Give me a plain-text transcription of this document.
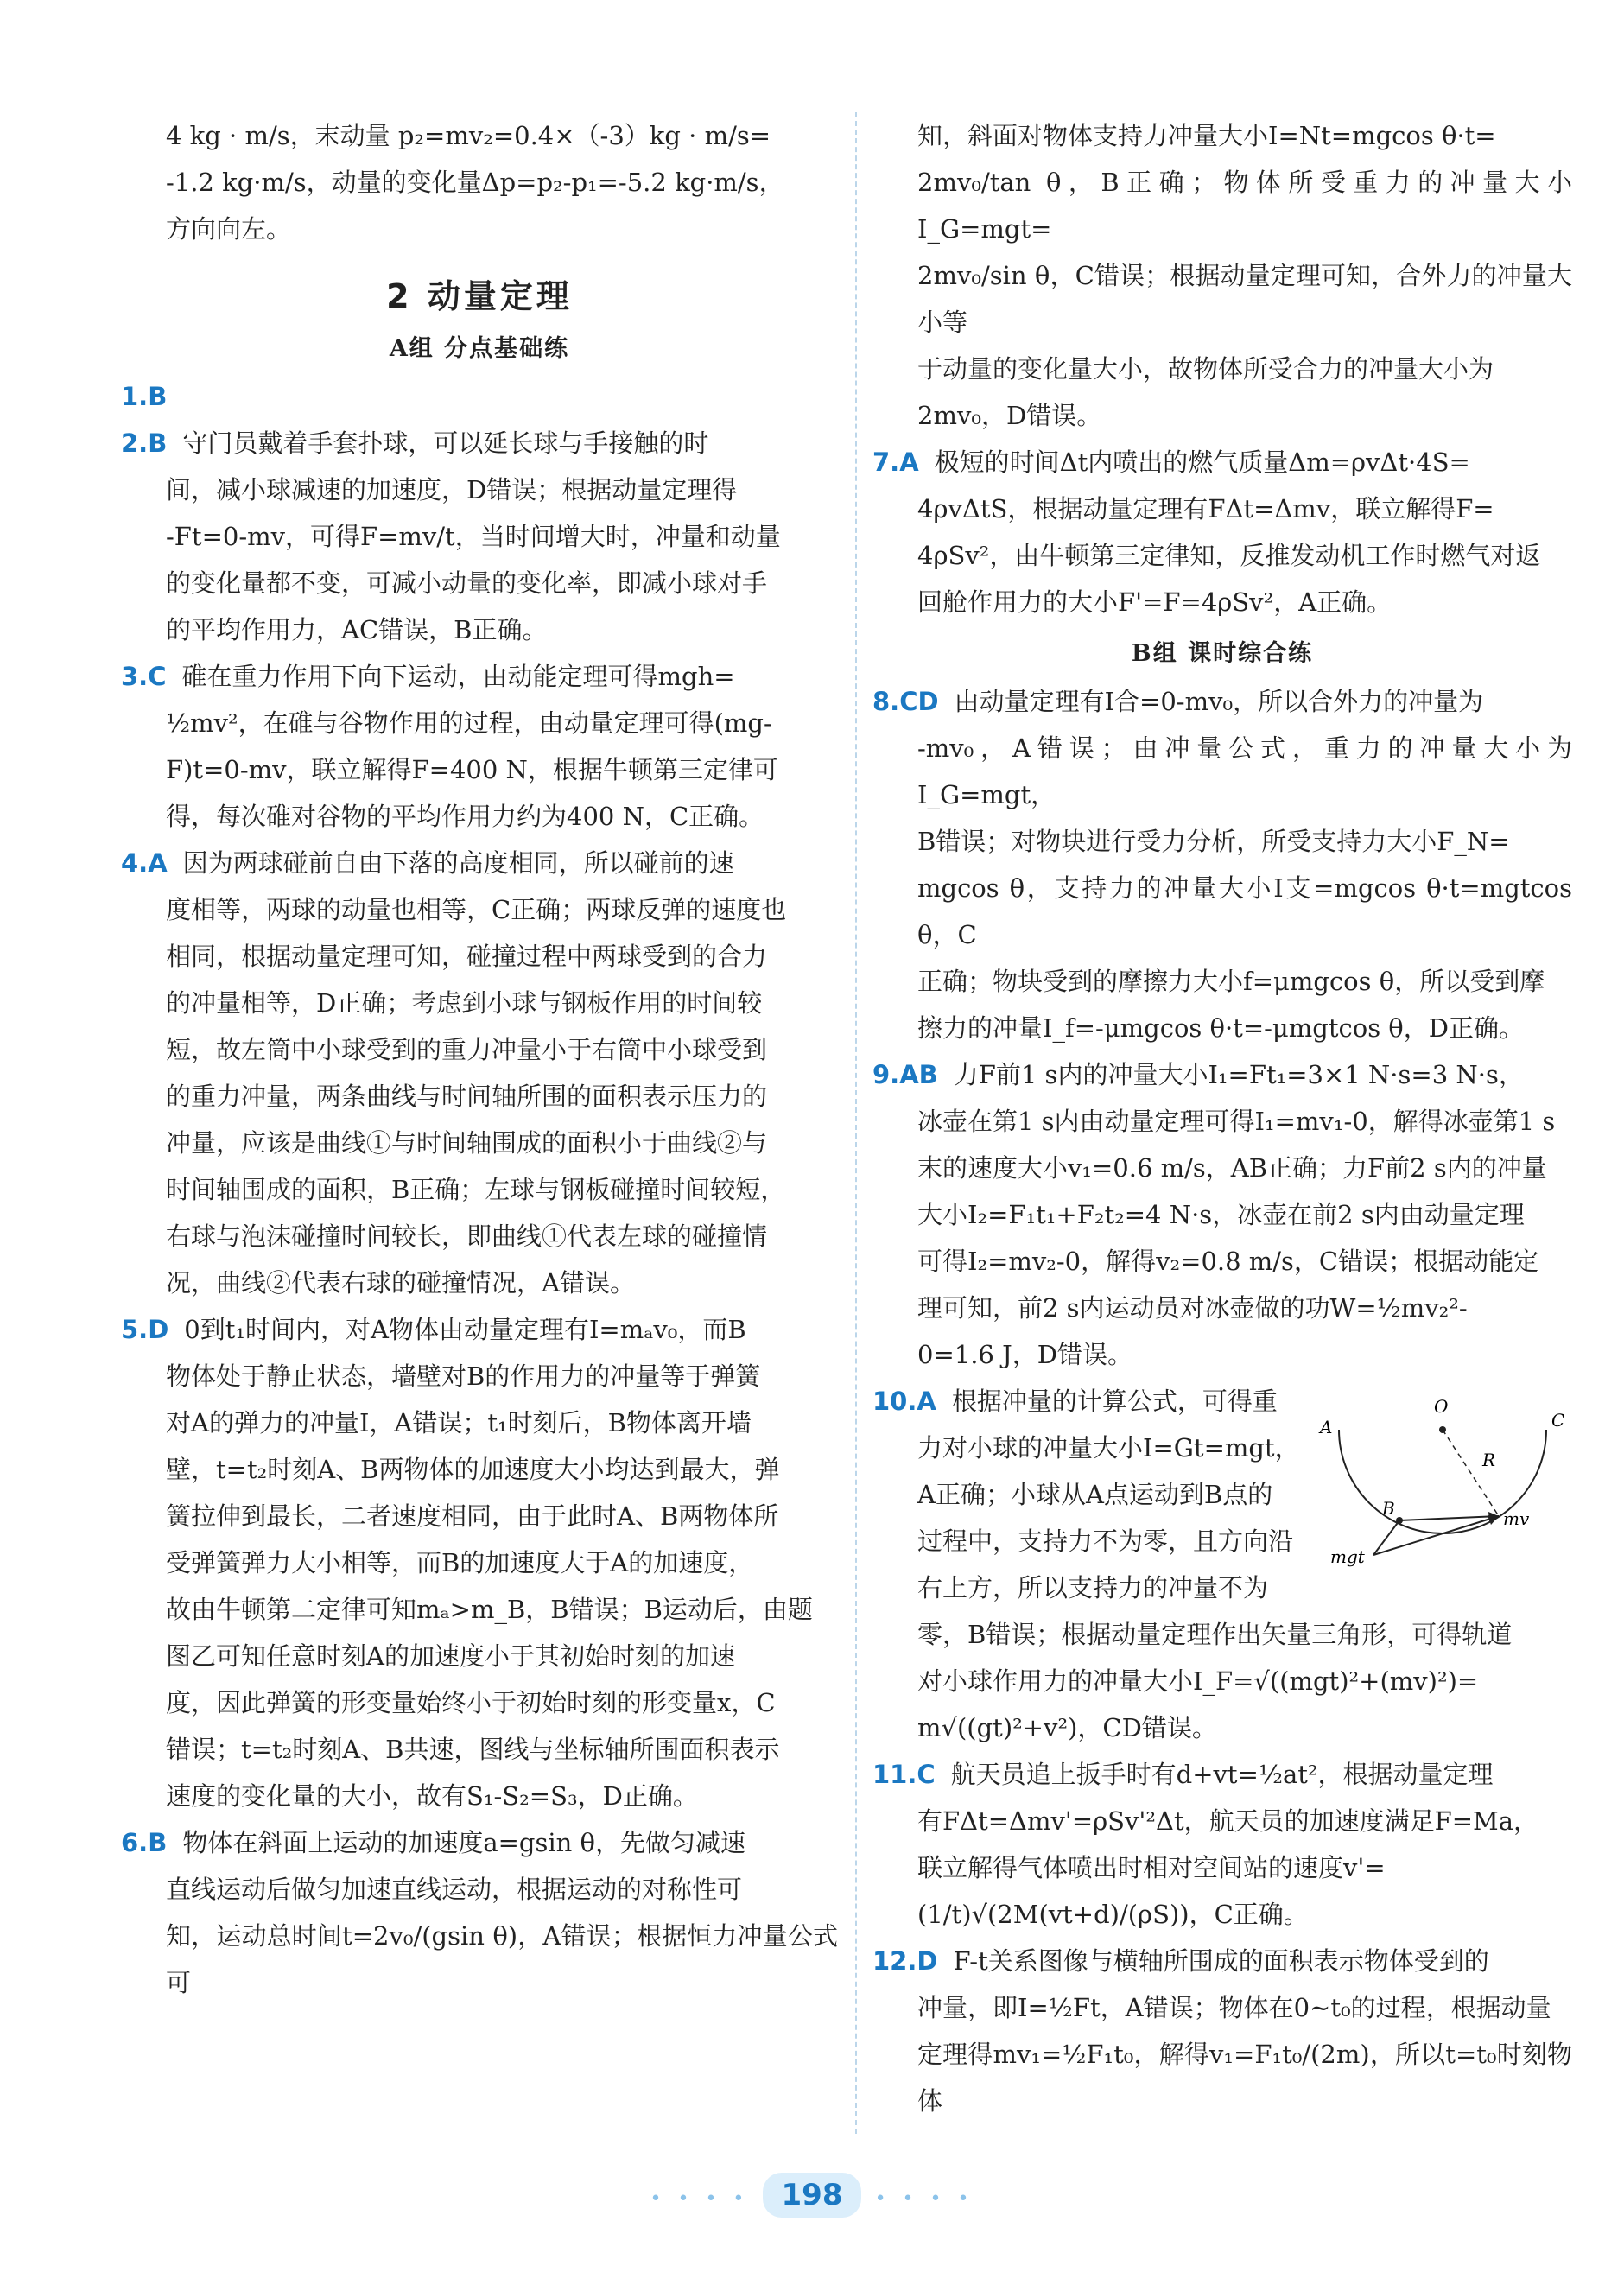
4 kg · m/s，末动量 p₂=mv₂=0.4×（-3）kg · m/s=

-1.2 kg·m/s，动量的变化量Δp=p₂-p₁=-5.2 kg·m/s，

方向向左。

2 动量定理
A组 分点基础练

1.B

2.B 守门员戴着手套扑球，可以延长球与手接触的时

间，减小球减速的加速度，D错误；根据动量定理得

-Ft=0-mv，可得F=mv/t，当时间增大时，冲量和动量

的变化量都不变，可减小动量的变化率，即减小球对手

的平均作用力，AC错误，B正确。

3.C 碓在重力作用下向下运动，由动能定理可得mgh=

½mv²，在碓与谷物作用的过程，由动量定理可得(mg-

F)t=0-mv，联立解得F=400 N，根据牛顿第三定律可

得，每次碓对谷物的平均作用力约为400 N，C正确。

4.A 因为两球碰前自由下落的高度相同，所以碰前的速

度相等，两球的动量也相等，C正确；两球反弹的速度也

相同，根据动量定理可知，碰撞过程中两球受到的合力

的冲量相等，D正确；考虑到小球与钢板作用的时间较

短，故左筒中小球受到的重力冲量小于右筒中小球受到

的重力冲量，两条曲线与时间轴所围的面积表示压力的

冲量，应该是曲线①与时间轴围成的面积小于曲线②与

时间轴围成的面积，B正确；左球与钢板碰撞时间较短，

右球与泡沫碰撞时间较长，即曲线①代表左球的碰撞情

况，曲线②代表右球的碰撞情况，A错误。

5.D 0到t₁时间内，对A物体由动量定理有I=mₐv₀，而B

物体处于静止状态，墙壁对B的作用力的冲量等于弹簧

对A的弹力的冲量I，A错误；t₁时刻后，B物体离开墙

壁，t=t₂时刻A、B两物体的加速度大小均达到最大，弹

簧拉伸到最长，二者速度相同，由于此时A、B两物体所

受弹簧弹力大小相等，而B的加速度大于A的加速度，

故由牛顿第二定律可知mₐ>m_B，B错误；B运动后，由题

图乙可知任意时刻A的加速度小于其初始时刻的加速

度，因此弹簧的形变量始终小于初始时刻的形变量x，C

错误；t=t₂时刻A、B共速，图线与坐标轴所围面积表示

速度的变化量的大小，故有S₁-S₂=S₃，D正确。

6.B 物体在斜面上运动的加速度a=gsin θ，先做匀减速

直线运动后做匀加速直线运动，根据运动的对称性可

知，运动总时间t=2v₀/(gsin θ)，A错误；根据恒力冲量公式可

知，斜面对物体支持力冲量大小I=Nt=mgcos θ·t=

2mv₀/tan θ，B正确；物体所受重力的冲量大小I_G=mgt=

2mv₀/sin θ，C错误；根据动量定理可知，合外力的冲量大小等

于动量的变化量大小，故物体所受合力的冲量大小为

2mv₀，D错误。

7.A 极短的时间Δt内喷出的燃气质量Δm=ρvΔt·4S=

4ρvΔtS，根据动量定理有FΔt=Δmv，联立解得F=

4ρSv²，由牛顿第三定律知，反推发动机工作时燃气对返

回舱作用力的大小F'=F=4ρSv²，A正确。

B组 课时综合练

8.CD 由动量定理有I合=0-mv₀，所以合外力的冲量为

-mv₀，A错误；由冲量公式，重力的冲量大小为I_G=mgt，

B错误；对物块进行受力分析，所受支持力大小F_N=

mgcos θ，支持力的冲量大小I支=mgcos θ·t=mgtcos θ，C

正确；物块受到的摩擦力大小f=μmgcos θ，所以受到摩

擦力的冲量I_f=-μmgcos θ·t=-μmgtcos θ，D正确。

9.AB 力F前1 s内的冲量大小I₁=Ft₁=3×1 N·s=3 N·s，

冰壶在第1 s内由动量定理可得I₁=mv₁-0，解得冰壶第1 s

末的速度大小v₁=0.6 m/s，AB正确；力F前2 s内的冲量

大小I₂=F₁t₁+F₂t₂=4 N·s，冰壶在前2 s内由动量定理

可得I₂=mv₂-0，解得v₂=0.8 m/s，C错误；根据动能定

理可知，前2 s内运动员对冰壶做的功W=½mv₂²-

0=1.6 J，D错误。

O
A	C
R
B	mv
mgt

10.A 根据冲量的计算公式，可得重

力对小球的冲量大小I=Gt=mgt，

A正确；小球从A点运动到B点的

过程中，支持力不为零，且方向沿

右上方，所以支持力的冲量不为

零，B错误；根据动量定理作出矢量三角形，可得轨道

对小球作用力的冲量大小I_F=√((mgt)²+(mv)²)=

m√((gt)²+v²)，CD错误。

11.C 航天员追上扳手时有d+vt=½at²，根据动量定理

有FΔt=Δmv'=ρSv'²Δt，航天员的加速度满足F=Ma，

联立解得气体喷出时相对空间站的速度v'=

(1/t)√(2M(vt+d)/(ρS))，C正确。

12.D F-t关系图像与横轴所围成的面积表示物体受到的

冲量，即I=½Ft，A错误；物体在0~t₀的过程，根据动量

定理得mv₁=½F₁t₀，解得v₁=F₁t₀/(2m)，所以t=t₀时刻物体

• • • • 198 • • • •
